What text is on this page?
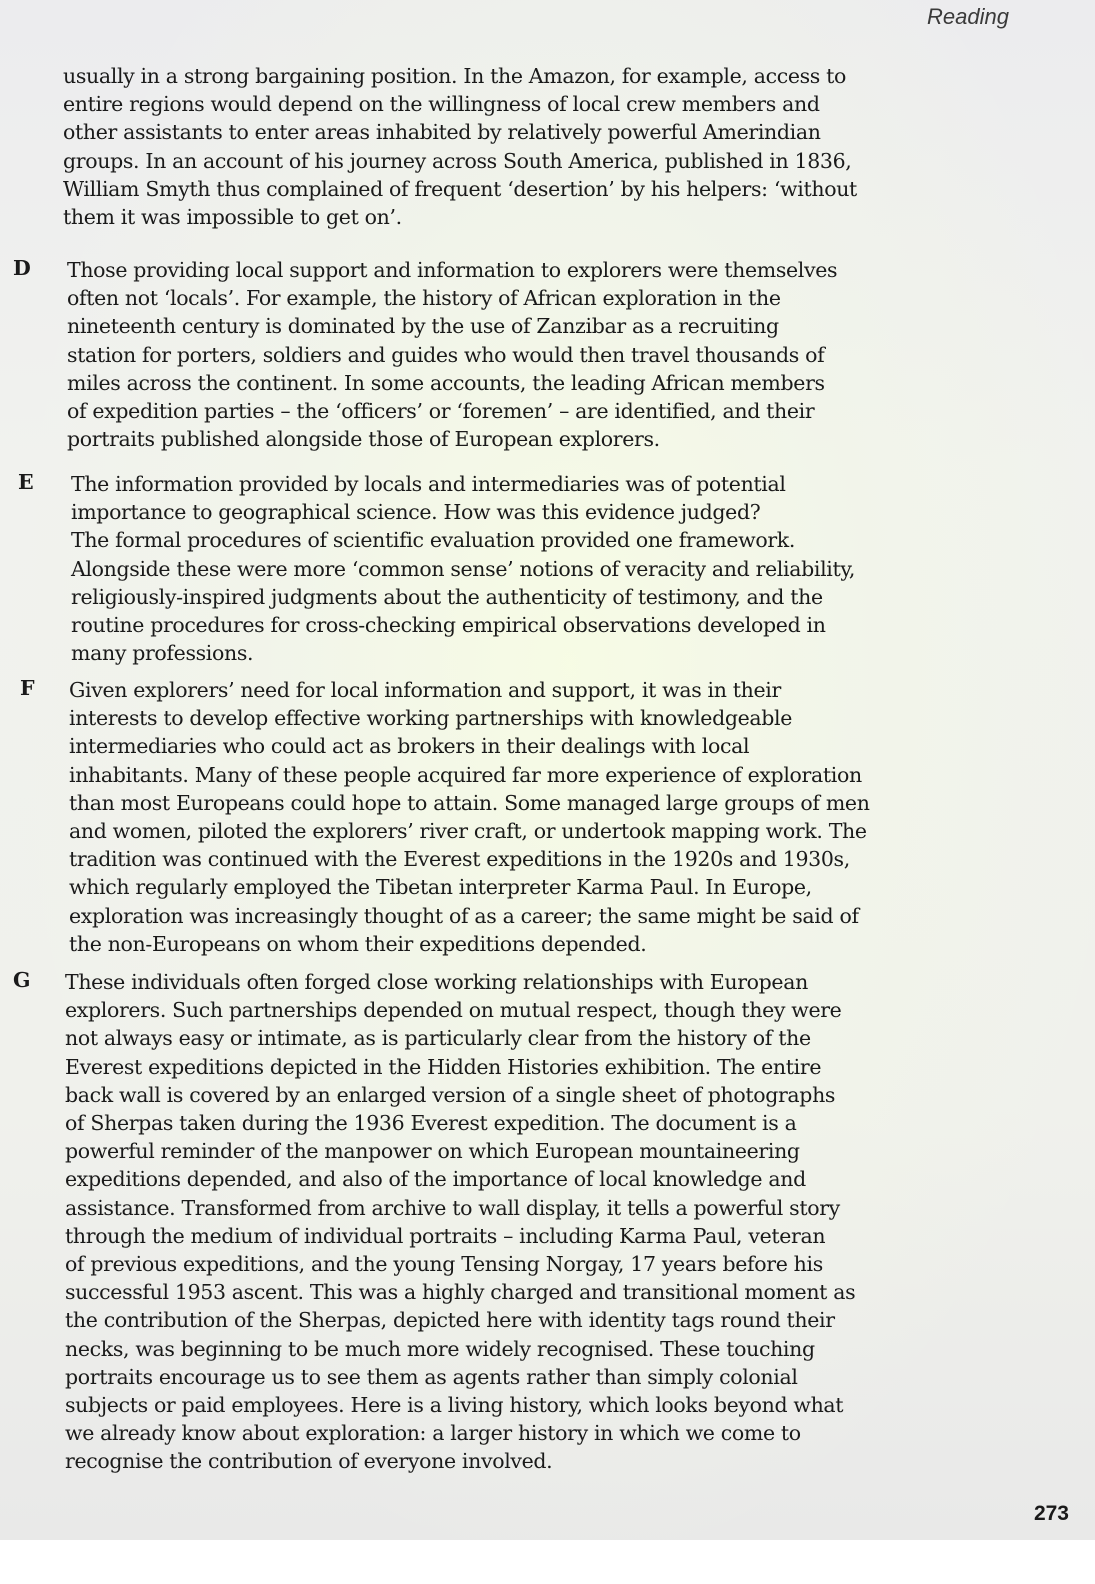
Reading
usually in a strong bargaining position. In the Amazon, for example, access to
entire regions would depend on the willingness of local crew members and
other assistants to enter areas inhabited by relatively powerful Amerindian
groups. In an account of his journey across South America, published in 1836,
William Smyth thus complained of frequent ‘desertion’ by his helpers: ‘without
them it was impossible to get on’.
D Those providing local support and information to explorers were themselves
often not ‘locals’. For example, the history of African exploration in the
nineteenth century is dominated by the use of Zanzibar as a recruiting
station for porters, soldiers and guides who would then travel thousands of
miles across the continent. In some accounts, the leading African members
of expedition parties – the ‘officers’ or ‘foremen’ – are identified, and their
portraits published alongside those of European explorers.
E The information provided by locals and intermediaries was of potential
importance to geographical science. How was this evidence judged?
The formal procedures of scientific evaluation provided one framework.
Alongside these were more ‘common sense’ notions of veracity and reliability,
religiously-inspired judgments about the authenticity of testimony, and the
routine procedures for cross-checking empirical observations developed in
many professions.
F Given explorers’ need for local information and support, it was in their
interests to develop effective working partnerships with knowledgeable
intermediaries who could act as brokers in their dealings with local
inhabitants. Many of these people acquired far more experience of exploration
than most Europeans could hope to attain. Some managed large groups of men
and women, piloted the explorers’ river craft, or undertook mapping work. The
tradition was continued with the Everest expeditions in the 1920s and 1930s,
which regularly employed the Tibetan interpreter Karma Paul. In Europe,
exploration was increasingly thought of as a career; the same might be said of
the non-Europeans on whom their expeditions depended.
G These individuals often forged close working relationships with European
explorers. Such partnerships depended on mutual respect, though they were
not always easy or intimate, as is particularly clear from the history of the
Everest expeditions depicted in the Hidden Histories exhibition. The entire
back wall is covered by an enlarged version of a single sheet of photographs
of Sherpas taken during the 1936 Everest expedition. The document is a
powerful reminder of the manpower on which European mountaineering
expeditions depended, and also of the importance of local knowledge and
assistance. Transformed from archive to wall display, it tells a powerful story
through the medium of individual portraits – including Karma Paul, veteran
of previous expeditions, and the young Tensing Norgay, 17 years before his
successful 1953 ascent. This was a highly charged and transitional moment as
the contribution of the Sherpas, depicted here with identity tags round their
necks, was beginning to be much more widely recognised. These touching
portraits encourage us to see them as agents rather than simply colonial
subjects or paid employees. Here is a living history, which looks beyond what
we already know about exploration: a larger history in which we come to
recognise the contribution of everyone involved.
273
